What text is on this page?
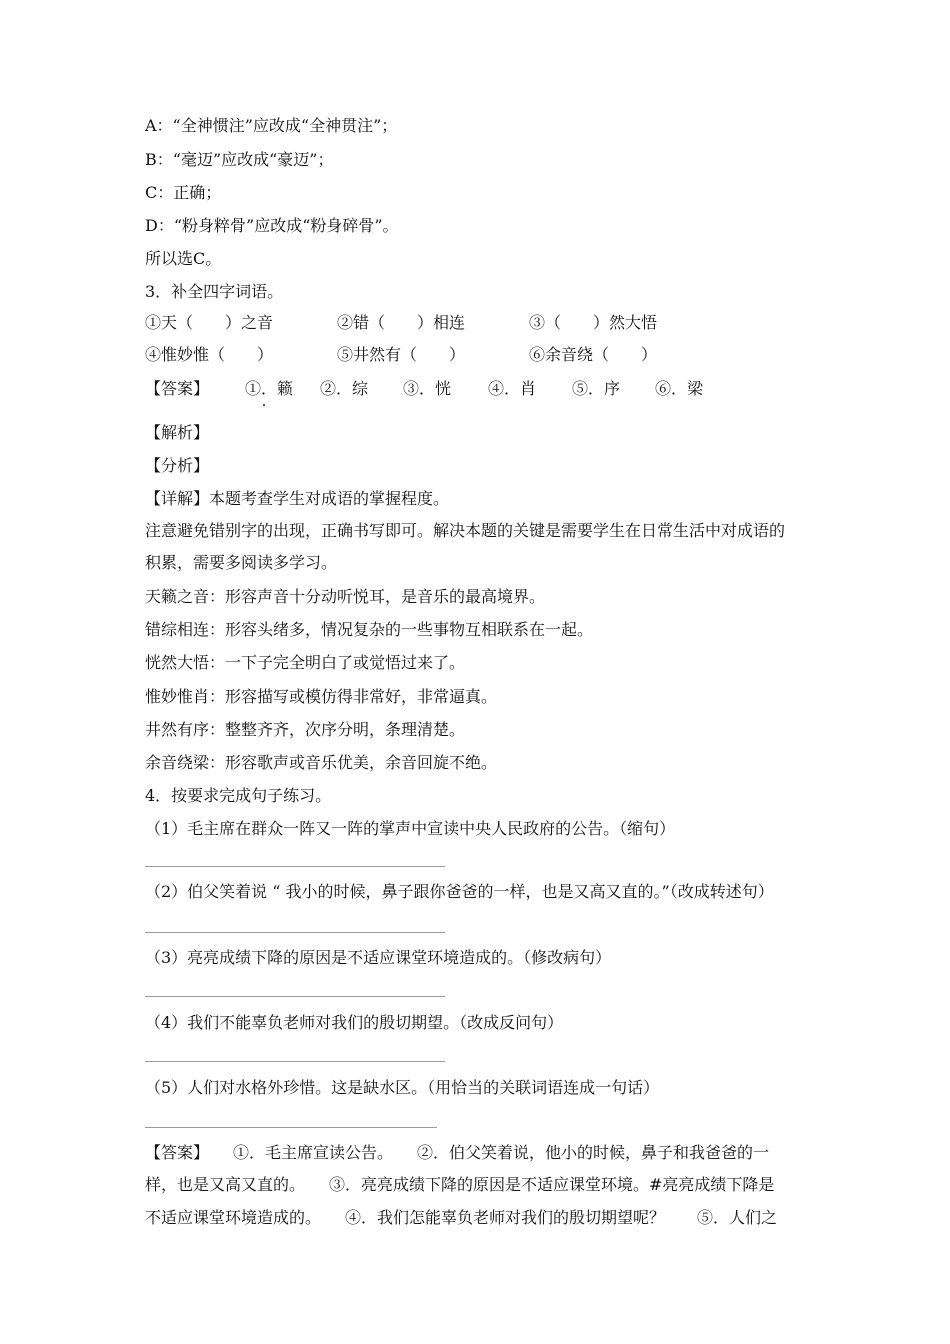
A：“全神惯注”应改成“全神贯注”；
B：“毫迈”应改成“豪迈”；
C：正确；
D：“粉身粹骨”应改成“粉身碎骨”。
所以选C。
3．补全四字词语。
①天（　　）之音	②错（　　）相连	③（　　）然大悟
④惟妙惟（　　）	⑤井然有（　　）	⑥余音绕（　　）
【答案】 ①．籁 ②．综 ③．恍 ④．肖 ⑤．序 ⑥．梁
【解析】
【分析】
【详解】本题考查学生对成语的掌握程度。
注意避免错别字的出现，正确书写即可。解决本题的关键是需要学生在日常生活中对成语的
积累，需要多阅读多学习。
天籁之音：形容声音十分动听悦耳，是音乐的最高境界。
错综相连：形容头绪多，情况复杂的一些事物互相联系在一起。
恍然大悟：一下子完全明白了或觉悟过来了。
惟妙惟肖：形容描写或模仿得非常好，非常逼真。
井然有序：整整齐齐，次序分明，条理清楚。
余音绕梁：形容歌声或音乐优美，余音回旋不绝。
4．按要求完成句子练习。
（1）毛主席在群众一阵又一阵的掌声中宣读中央人民政府的公告。（缩句）
（2）伯父笑着说 “ 我小的时候，鼻子跟你爸爸的一样，也是又高又直的。”（改成转述句）
（3）亮亮成绩下降的原因是不适应课堂环境造成的。（修改病句）
（4）我们不能辜负老师对我们的殷切期望。（改成反问句）
（5）人们对水格外珍惜。这是缺水区。（用恰当的关联词语连成一句话）
【答案】　　①．毛主席宣读公告。　　②．伯父笑着说，他小的时候，鼻子和我爸爸的一
样，也是又高又直的。　　③．亮亮成绩下降的原因是不适应课堂环境。#亮亮成绩下降是
不适应课堂环境造成的。　　④．我们怎能辜负老师对我们的殷切期望呢？　　⑤．人们之
